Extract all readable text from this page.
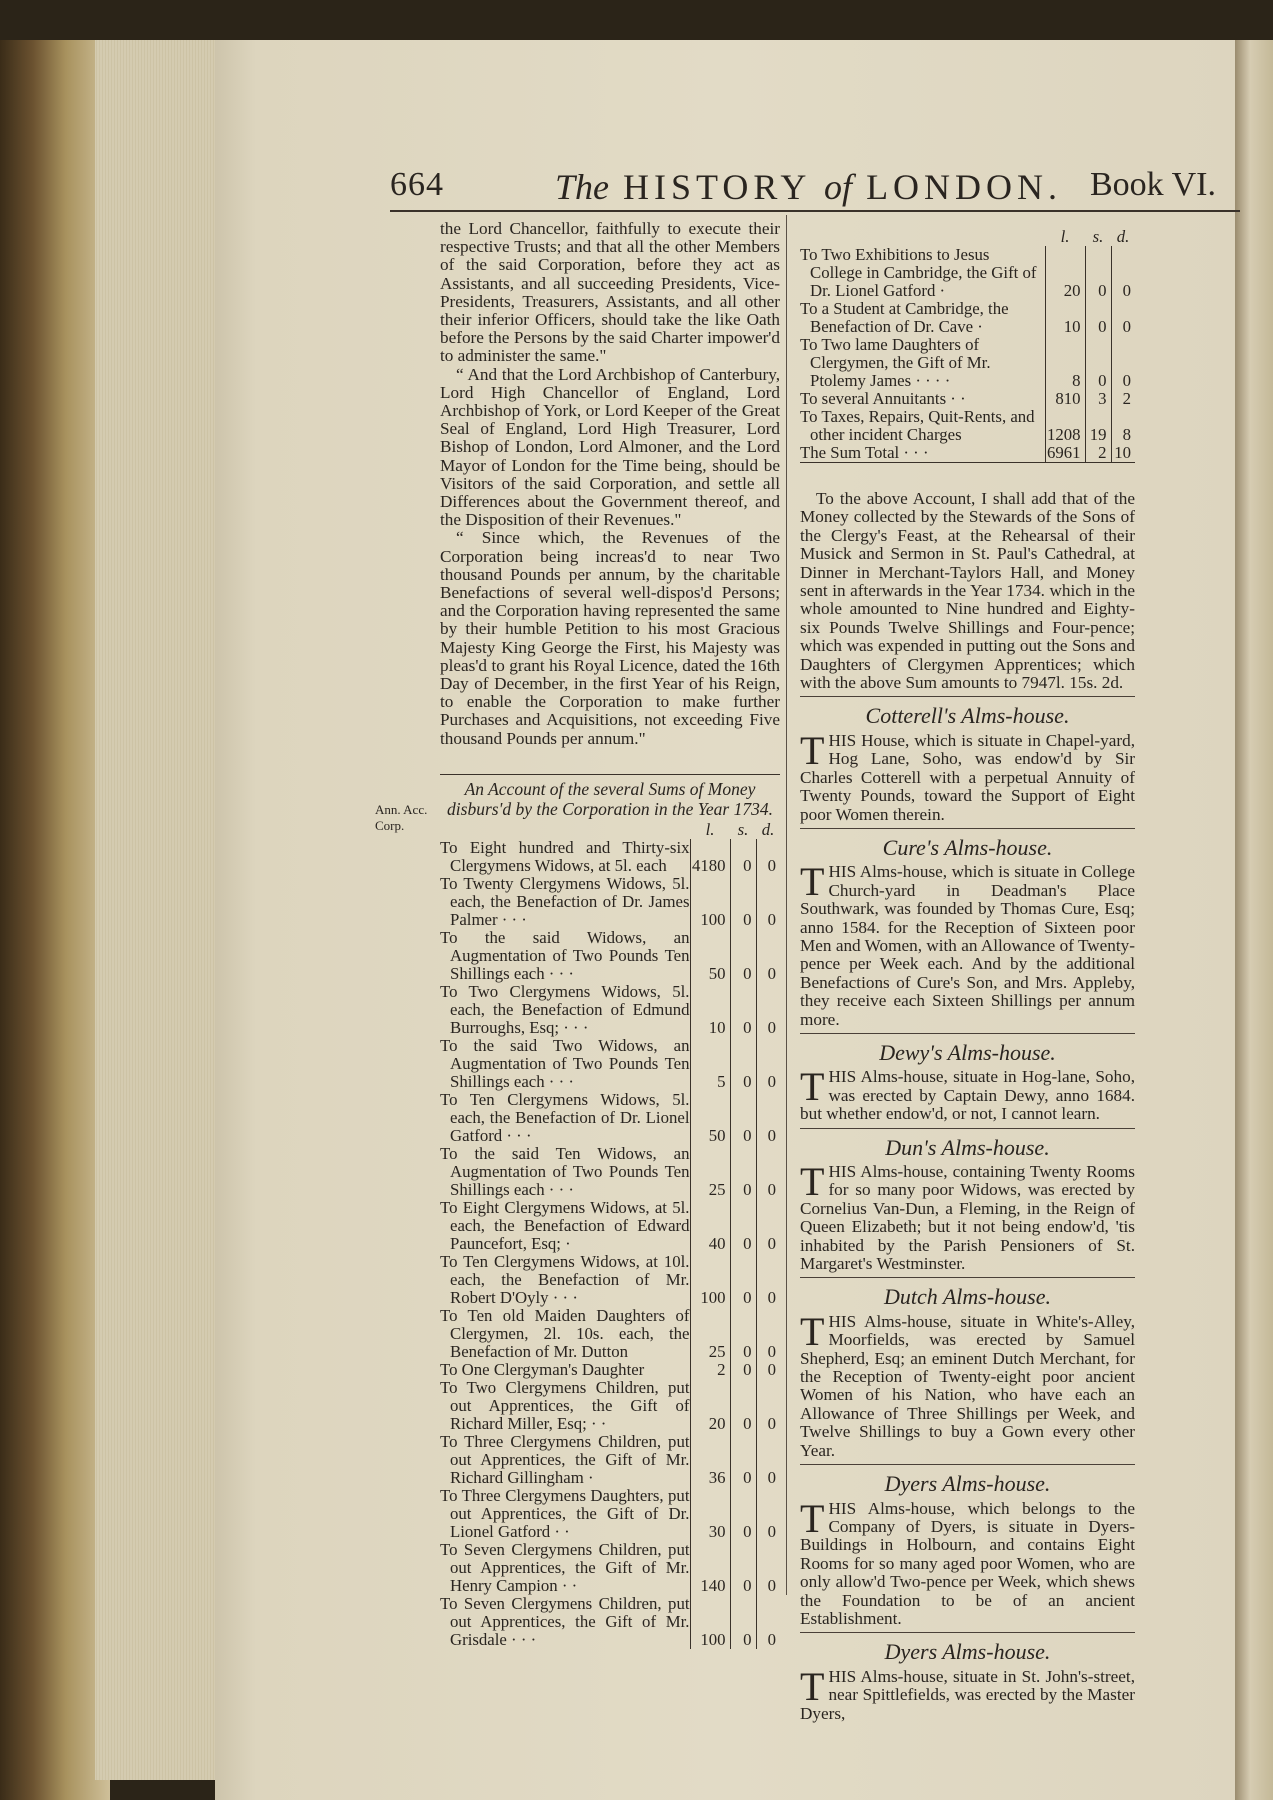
664	The HISTORY of LONDON. Book VI.

the Lord Chancellor, faithfully to execute their respective Trusts; and that all the other Members of the said Corporation, before they act as Assistants, and all succeeding Presidents, Vice-Presidents, Treasurers, Assistants, and all other their inferior Officers, should take the like Oath before the Persons by the said Charter impower'd to administer the same."

“ And that the Lord Archbishop of Canterbury, Lord High Chancellor of England, Lord Archbishop of York, or Lord Keeper of the Great Seal of England, Lord High Treasurer, Lord Bishop of London, Lord Almoner, and the Lord Mayor of London for the Time being, should be Visitors of the said Corporation, and settle all Differences about the Government thereof, and the Disposition of their Revenues."

“ Since which, the Revenues of the Corporation being increas'd to near Two thousand Pounds per annum, by the charitable Benefactions of several well-dispos'd Persons; and the Corporation having represented the same by their humble Petition to his most Gracious Majesty King George the First, his Majesty was pleas'd to grant his Royal Licence, dated the 16th Day of December, in the first Year of his Reign, to enable the Corporation to make further Purchases and Acquisitions, not exceeding Five thousand Pounds per annum."

An Account of the several Sums of Money disburs'd by the Corporation in the Year 1734.
	l.	s.	d.
To Eight hundred and Thirty-six Clergymens Widows, at 5l. each	4180	0	0
To Twenty Clergymens Widows, 5l. each, the Benefaction of Dr. James Palmer · · ·	100	0	0
To the said Widows, an Augmentation of Two Pounds Ten Shillings each · · ·	50	0	0
To Two Clergymens Widows, 5l. each, the Benefaction of Edmund Burroughs, Esq; · · ·	10	0	0
To the said Two Widows, an Augmentation of Two Pounds Ten Shillings each · · ·	5	0	0
To Ten Clergymens Widows, 5l. each, the Benefaction of Dr. Lionel Gatford · · ·	50	0	0
To the said Ten Widows, an Augmentation of Two Pounds Ten Shillings each · · ·	25	0	0
To Eight Clergymens Widows, at 5l. each, the Benefaction of Edward Pauncefort, Esq; ·	40	0	0
To Ten Clergymens Widows, at 10l. each, the Benefaction of Mr. Robert D'Oyly · · ·	100	0	0
To Ten old Maiden Daughters of Clergymen, 2l. 10s. each, the Benefaction of Mr. Dutton	25	0	0
To One Clergyman's Daughter	2	0	0
To Two Clergymens Children, put out Apprentices, the Gift of Richard Miller, Esq; · ·	20	0	0
To Three Clergymens Children, put out Apprentices, the Gift of Mr. Richard Gillingham ·	36	0	0
To Three Clergymens Daughters, put out Apprentices, the Gift of Dr. Lionel Gatford · ·	30	0	0
To Seven Clergymens Children, put out Apprentices, the Gift of Mr. Henry Campion · ·	140	0	0
To Seven Clergymens Children, put out Apprentices, the Gift of Mr. Grisdale · · ·	100	0	0
Ann. Acc.
Corp.
	l.	s.	d.
To Two Exhibitions to Jesus College in Cambridge, the Gift of Dr. Lionel Gatford ·	20	0	0
To a Student at Cambridge, the Benefaction of Dr. Cave ·	10	0	0
To Two lame Daughters of Clergymen, the Gift of Mr. Ptolemy James · · · ·	8	0	0
To several Annuitants · ·	810	3	2
To Taxes, Repairs, Quit-Rents, and other incident Charges	1208	19	8
The Sum Total · · ·	6961	2	10

To the above Account, I shall add that of the Money collected by the Stewards of the Sons of the Clergy's Feast, at the Rehearsal of their Musick and Sermon in St. Paul's Cathedral, at Dinner in Merchant-Taylors Hall, and Money sent in afterwards in the Year 1734. which in the whole amounted to Nine hundred and Eighty-six Pounds Twelve Shillings and Four-pence; which was expended in putting out the Sons and Daughters of Clergymen Apprentices; which with the above Sum amounts to 7947l. 15s. 2d.

Cotterell's Alms-house.

THIS House, which is situate in Chapel-yard, Hog Lane, Soho, was endow'd by Sir Charles Cotterell with a perpetual Annuity of Twenty Pounds, toward the Support of Eight poor Women therein.

Cure's Alms-house.

THIS Alms-house, which is situate in College Church-yard in Deadman's Place Southwark, was founded by Thomas Cure, Esq; anno 1584. for the Reception of Sixteen poor Men and Women, with an Allowance of Twenty-pence per Week each. And by the additional Benefactions of Cure's Son, and Mrs. Appleby, they receive each Sixteen Shillings per annum more.

Dewy's Alms-house.

THIS Alms-house, situate in Hog-lane, Soho, was erected by Captain Dewy, anno 1684. but whether endow'd, or not, I cannot learn.

Dun's Alms-house.

THIS Alms-house, containing Twenty Rooms for so many poor Widows, was erected by Cornelius Van-Dun, a Fleming, in the Reign of Queen Elizabeth; but it not being endow'd, 'tis inhabited by the Parish Pensioners of St. Margaret's Westminster.

Dutch Alms-house.

THIS Alms-house, situate in White's-Alley, Moorfields, was erected by Samuel Shepherd, Esq; an eminent Dutch Merchant, for the Reception of Twenty-eight poor ancient Women of his Nation, who have each an Allowance of Three Shillings per Week, and Twelve Shillings to buy a Gown every other Year.

Dyers Alms-house.

THIS Alms-house, which belongs to the Company of Dyers, is situate in Dyers-Buildings in Holbourn, and contains Eight Rooms for so many aged poor Women, who are only allow'd Two-pence per Week, which shews the Foundation to be of an ancient Establishment.

Dyers Alms-house.

THIS Alms-house, situate in St. John's-street, near Spittlefields, was erected by the Master Dyers,
